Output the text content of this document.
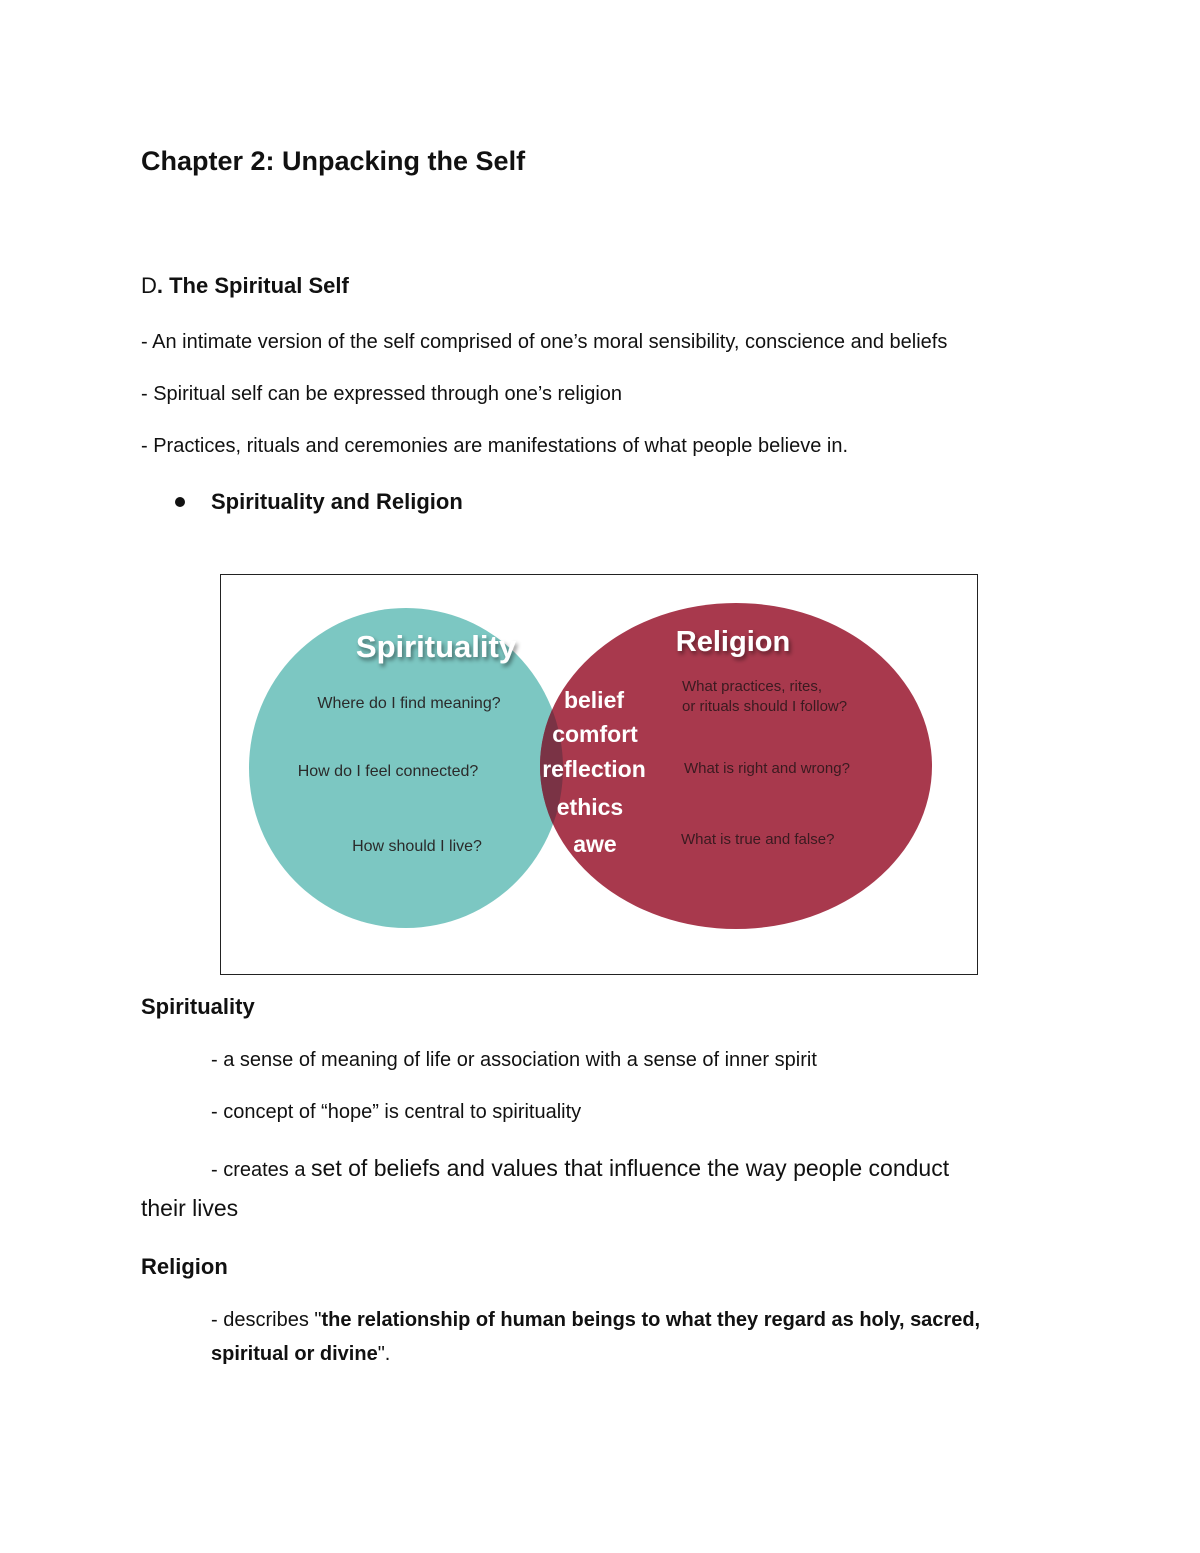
Chapter 2: Unpacking the Self
D. The Spiritual Self
- An intimate version of the self comprised of one’s moral sensibility, conscience and beliefs
- Spiritual self can be expressed through one’s religion
- Practices, rituals and ceremonies are manifestations of what people believe in.
Spirituality and Religion
Spirituality	Religion
Where do I find meaning?
How do I feel connected?
How should I live?
What practices, rites,
or rituals should I follow?
What is right and wrong?
What is true and false?
belief
comfort
reflection
ethics
awe
Spirituality
- a sense of meaning of life or association with a sense of inner spirit
- concept of “hope” is central to spirituality
- creates a set of beliefs and values that influence the way people conduct
their lives
Religion
- describes "the relationship of human beings to what they regard as holy, sacred,
spiritual or divine".
